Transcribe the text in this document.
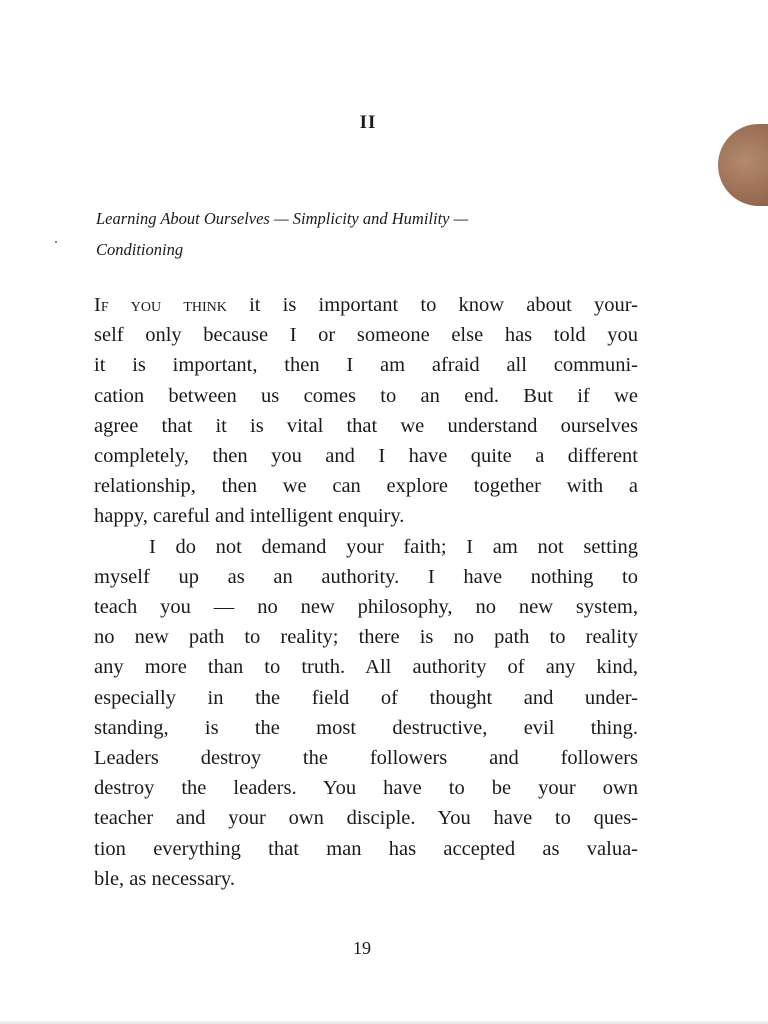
II
Learning About Ourselves — Simplicity and Humility —
Conditioning
If you think it is important to know about your-
self only because I or someone else has told you
it is important, then I am afraid all communi-
cation between us comes to an end. But if we
agree that it is vital that we understand ourselves
completely, then you and I have quite a different
relationship, then we can explore together with a
happy, careful and intelligent enquiry.
I do not demand your faith; I am not setting
myself up as an authority. I have nothing to
teach you — no new philosophy, no new system,
no new path to reality; there is no path to reality
any more than to truth. All authority of any kind,
especially in the field of thought and under-
standing, is the most destructive, evil thing.
Leaders destroy the followers and followers
destroy the leaders. You have to be your own
teacher and your own disciple. You have to ques-
tion everything that man has accepted as valua-
ble, as necessary.
19
